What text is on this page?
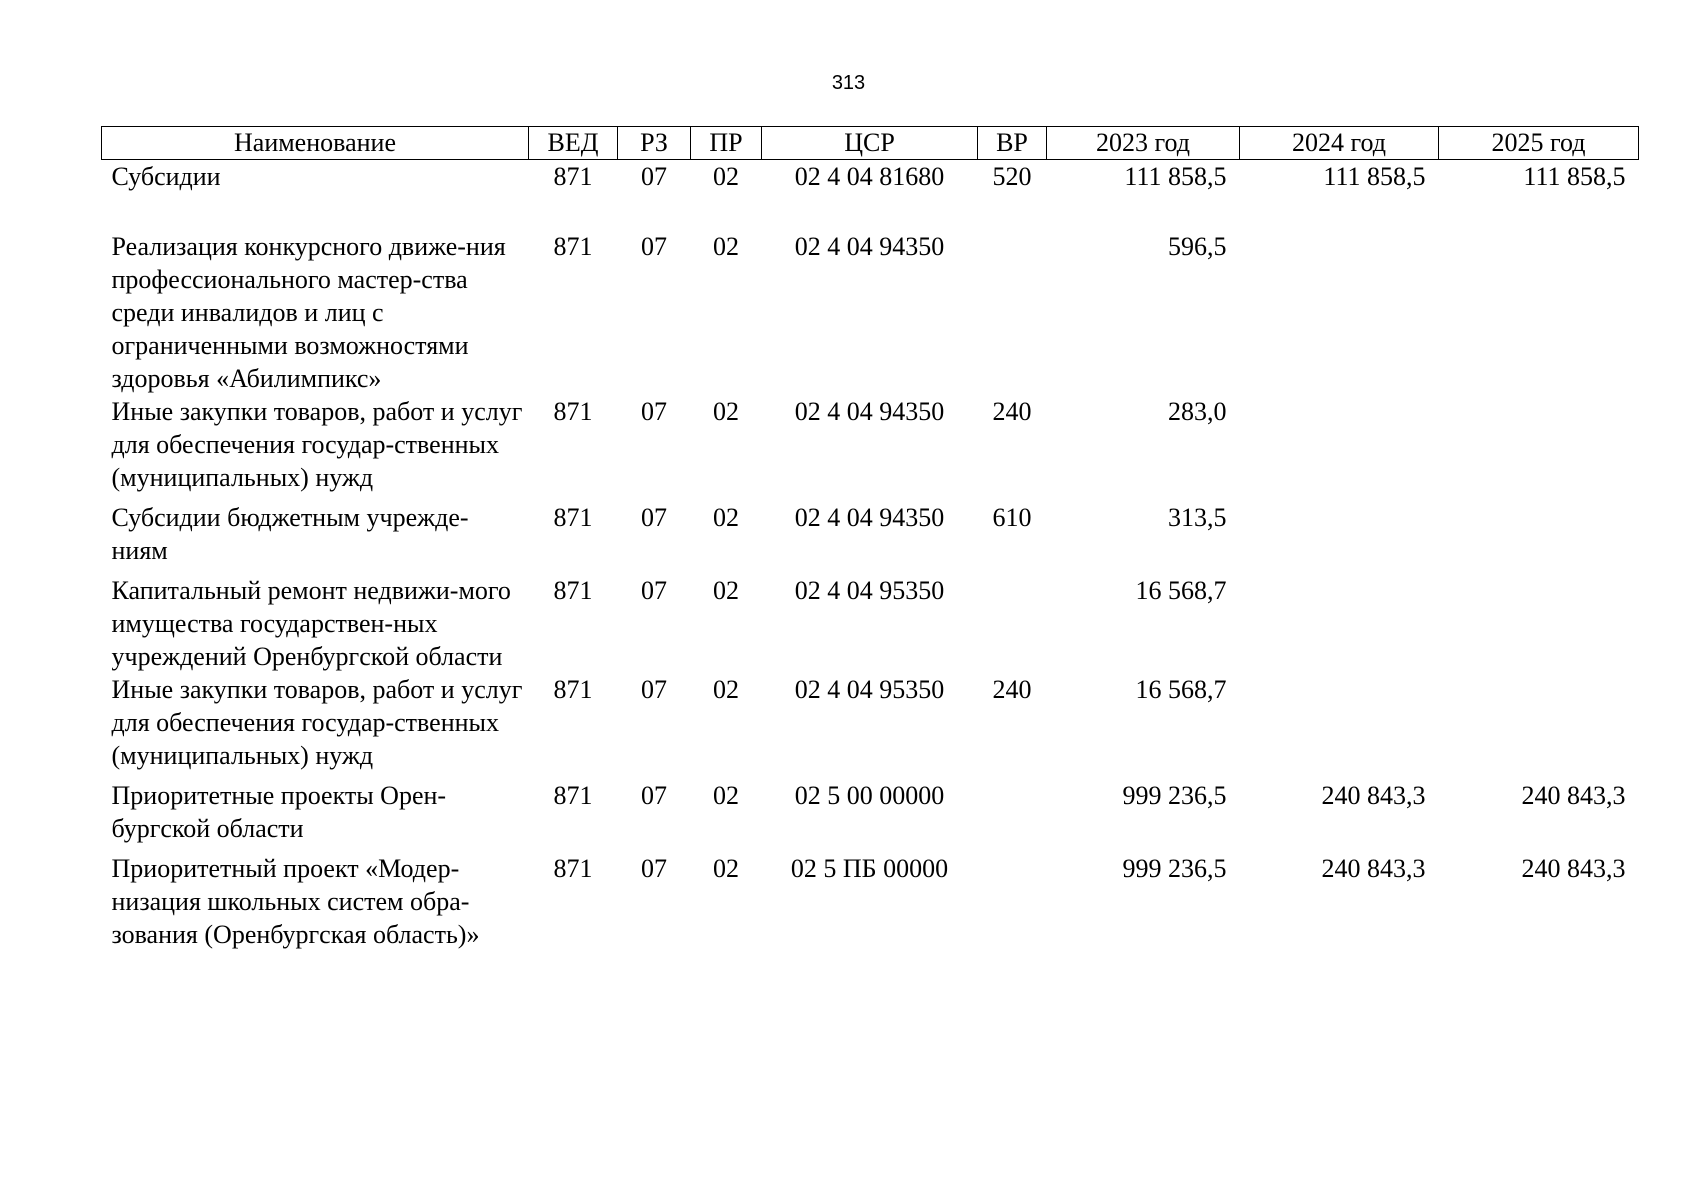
313
Наименование	ВЕД	РЗ	ПР	ЦСР	ВР	2023 год	2024 год	2025 год
Субсидии	871	07	02	02 4 04 81680	520	111 858,5	111 858,5	111 858,5
Реализация конкурсного движе-ния профессионального мастер-ства среди инвалидов и лиц с ограниченными возможностями здоровья «Абилимпикс»	871	07	02	02 4 04 94350		596,5		
Иные закупки товаров, работ и услуг для обеспечения государ-ственных (муниципальных) нужд	871	07	02	02 4 04 94350	240	283,0		
Субсидии бюджетным учрежде-ниям	871	07	02	02 4 04 94350	610	313,5		
Капитальный ремонт недвижи-мого имущества государствен-ных учреждений Оренбургской области	871	07	02	02 4 04 95350		16 568,7		
Иные закупки товаров, работ и услуг для обеспечения государ-ственных (муниципальных) нужд	871	07	02	02 4 04 95350	240	16 568,7		
Приоритетные проекты Орен-бургской области	871	07	02	02 5 00 00000		999 236,5	240 843,3	240 843,3
Приоритетный проект «Модер-низация школьных систем обра-зования (Оренбургская область)»	871	07	02	02 5 ПБ 00000		999 236,5	240 843,3	240 843,3
